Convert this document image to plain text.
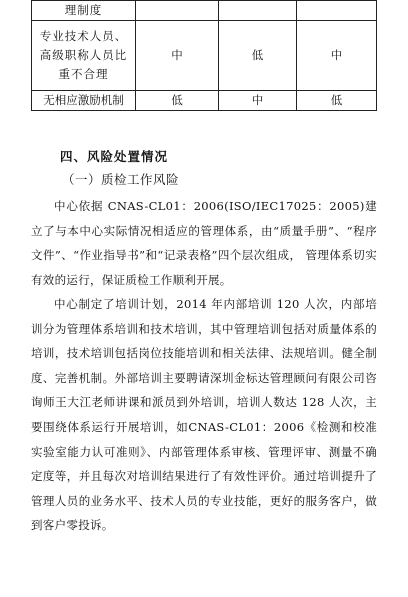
理制度			
专业技术人员、高级职称人员比重不合理	中	低	中
无相应激励机制	低	中	低
四、风险处置情况
（一）质检工作风险
中心依据 CNAS-CL01：2006(ISO/IEC17025：2005)建立了与本中心实际情况相适应的管理体系，由“质量手册”、“程序文件”、“作业指导书”和“记录表格”四个层次组成， 管理体系切实有效的运行，保证质检工作顺利开展。
中心制定了培训计划，2014 年内部培训 120 人次，内部培训分为管理体系培训和技术培训，其中管理培训包括对质量体系的培训，技术培训包括岗位技能培训和相关法律、法规培训。健全制度、完善机制。外部培训主要聘请深圳金标达管理顾问有限公司咨询师王大江老师讲课和派员到外培训，培训人数达 128 人次，主要围绕体系运行开展培训，如CNAS-CL01：2006《检测和校准实验室能力认可准则》、内部管理体系审核、管理评审、测量不确定度等，并且每次对培训结果进行了有效性评价。通过培训提升了管理人员的业务水平、技术人员的专业技能，更好的服务客户，做到客户零投诉。
